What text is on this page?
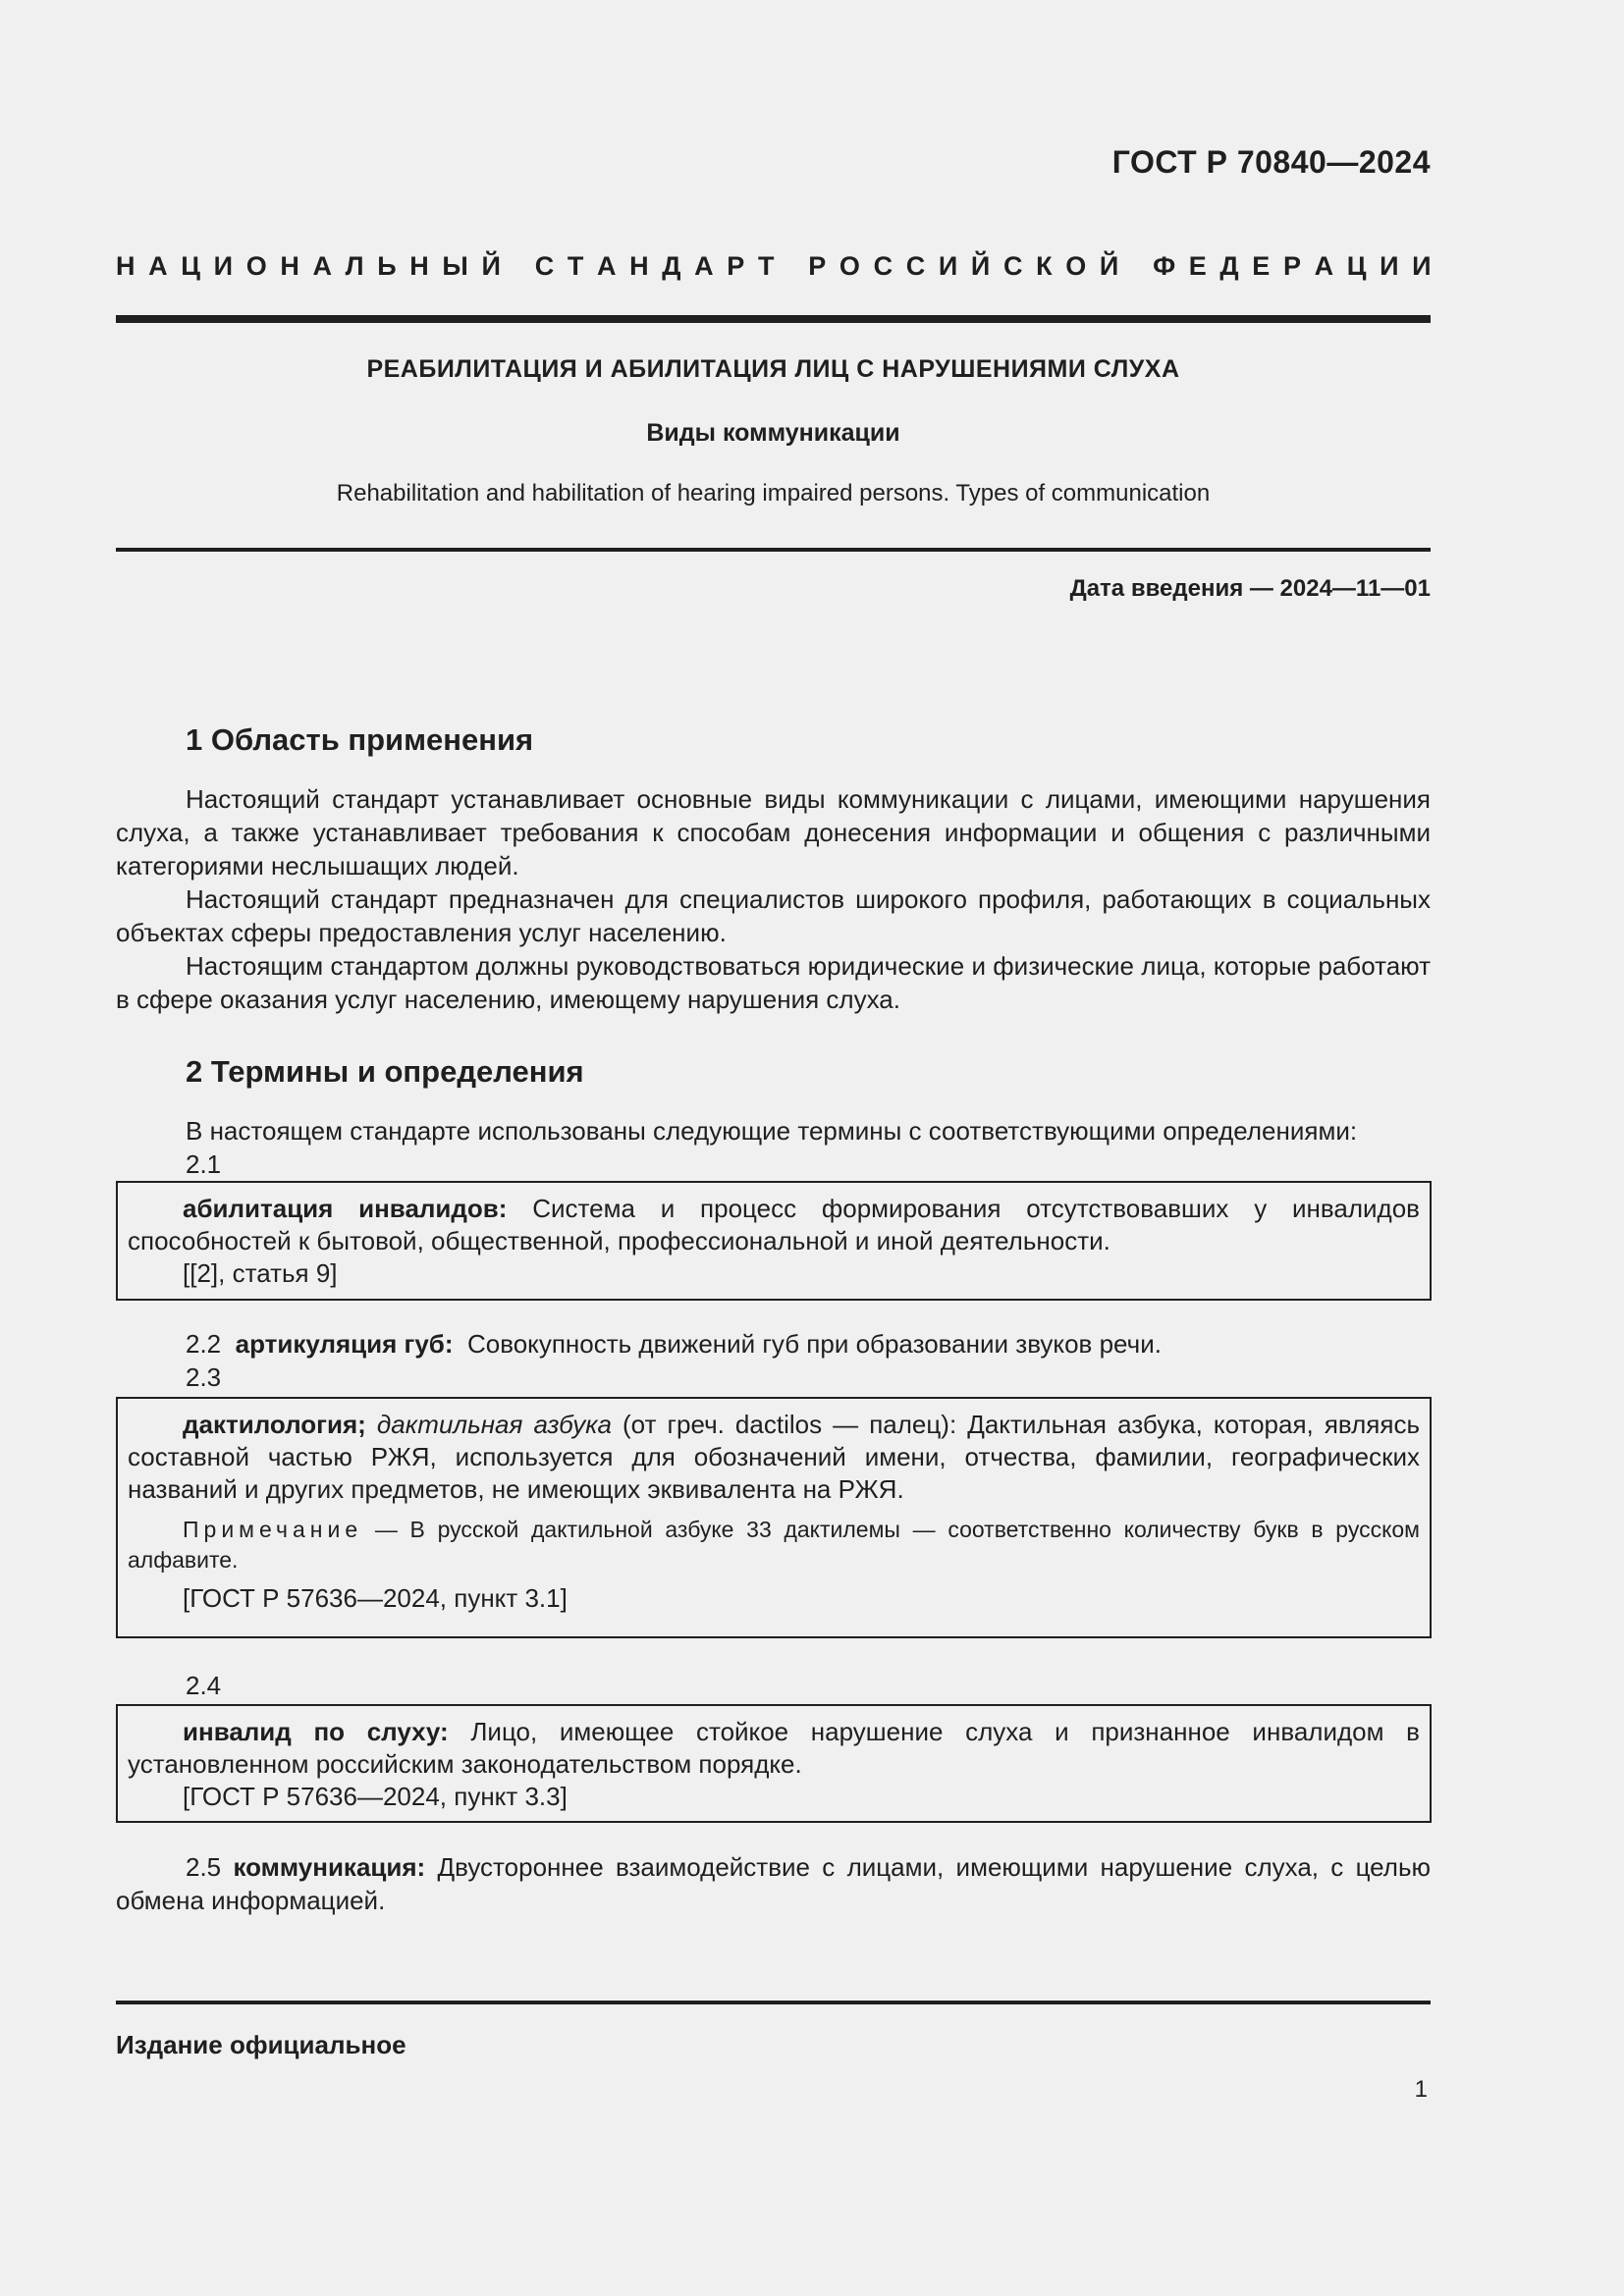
ГОСТ Р 70840—2024
Н А Ц И О Н А Л Ь Н Ы Й
С Т А Н Д А Р Т
Р О С С И Й С К О Й
Ф Е Д Е Р А Ц И И
РЕАБИЛИТАЦИЯ И АБИЛИТАЦИЯ ЛИЦ С НАРУШЕНИЯМИ СЛУХА
Виды коммуникации
Rehabilitation and habilitation of hearing impaired persons. Types of communication
Дата введения — 2024—11—01
1 Область применения

Настоящий стандарт устанавливает основные виды коммуникации с лицами, имеющими нарушения слуха, а также устанавливает требования к способам донесения информации и общения с различными категориями неслышащих людей.

Настоящий стандарт предназначен для специалистов широкого профиля, работающих в социальных объектах сферы предоставления услуг населению.

Настоящим стандартом должны руководствоваться юридические и физические лица, которые работают в сфере оказания услуг населению, имеющему нарушения слуха.

2 Термины и определения
В настоящем стандарте использованы следующие термины с соответствующими определениями:
2.1

абилитация инвалидов: Система и процесс формирования отсутствовавших у инвалидов способностей к бытовой, общественной, профессиональной и иной деятельности.

[[2], статья 9]

2.2 артикуляция губ: Совокупность движений губ при образовании звуков речи.
2.3

дактилология; дактильная азбука (от греч. dactilos — палец): Дактильная азбука, которая, являясь составной частью РЖЯ, используется для обозначений имени, отчества, фамилии, географических названий и других предметов, не имеющих эквивалента на РЖЯ.

Примечание — В русской дактильной азбуке 33 дактилемы — соответственно количеству букв в русском алфавите.

[ГОСТ Р 57636—2024, пункт 3.1]

2.4

инвалид по слуху: Лицо, имеющее стойкое нарушение слуха и признанное инвалидом в установленном российским законодательством порядке.

[ГОСТ Р 57636—2024, пункт 3.3]

2.5 коммуникация: Двустороннее взаимодействие с лицами, имеющими нарушение слуха, с целью обмена информацией.

Издание официальное
1
